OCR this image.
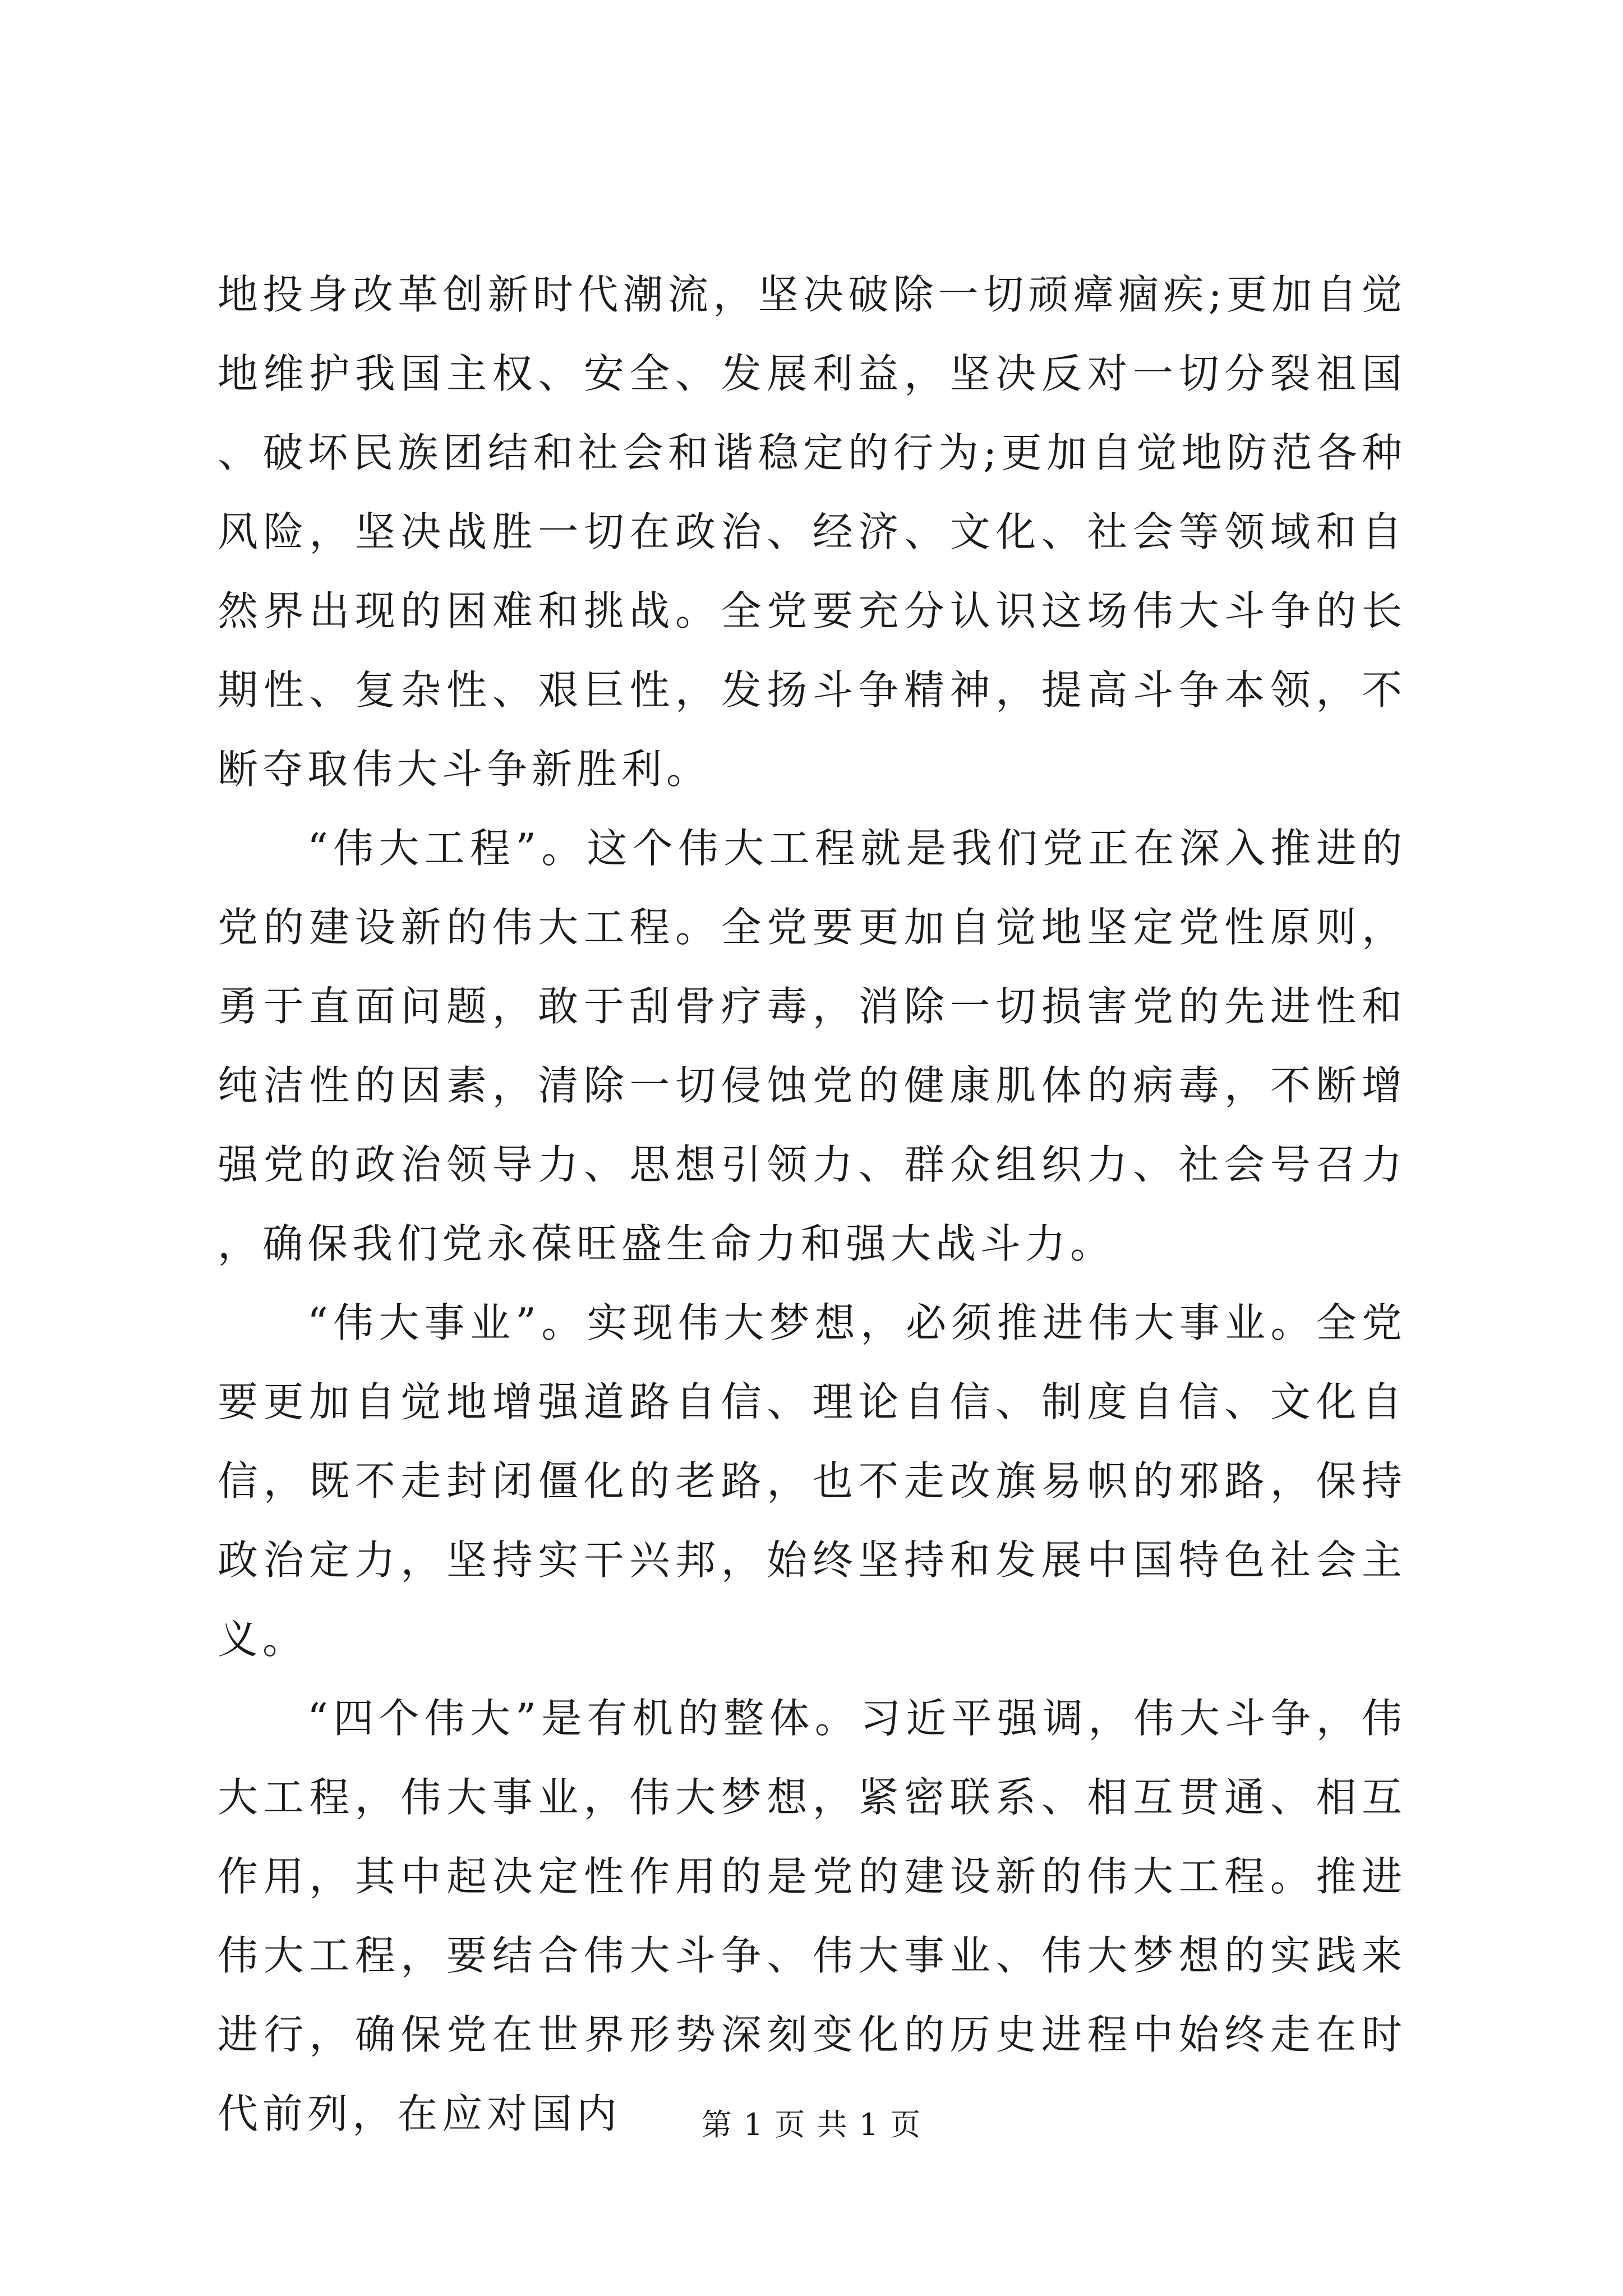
地投身改革创新时代潮流，坚决破除一切顽瘴痼疾;更加自觉地维护我国主权、安全、发展利益，坚决反对一切分裂祖国、破坏民族团结和社会和谐稳定的行为;更加自觉地防范各种风险，坚决战胜一切在政治、经济、文化、社会等领域和自然界出现的困难和挑战。全党要充分认识这场伟大斗争的长期性、复杂性、艰巨性，发扬斗争精神，提高斗争本领，不断夺取伟大斗争新胜利。

“伟大工程”。这个伟大工程就是我们党正在深入推进的党的建设新的伟大工程。全党要更加自觉地坚定党性原则，勇于直面问题，敢于刮骨疗毒，消除一切损害党的先进性和纯洁性的因素，清除一切侵蚀党的健康肌体的病毒，不断增强党的政治领导力、思想引领力、群众组织力、社会号召力，确保我们党永葆旺盛生命力和强大战斗力。

“伟大事业”。实现伟大梦想，必须推进伟大事业。全党要更加自觉地增强道路自信、理论自信、制度自信、文化自信，既不走封闭僵化的老路，也不走改旗易帜的邪路，保持政治定力，坚持实干兴邦，始终坚持和发展中国特色社会主义。

“四个伟大”是有机的整体。习近平强调，伟大斗争，伟大工程，伟大事业，伟大梦想，紧密联系、相互贯通、相互作用，其中起决定性作用的是党的建设新的伟大工程。推进伟大工程，要结合伟大斗争、伟大事业、伟大梦想的实践来进行，确保党在世界形势深刻变化的历史进程中始终走在时代前列，在应对国内	第 1 页 共 1 页
